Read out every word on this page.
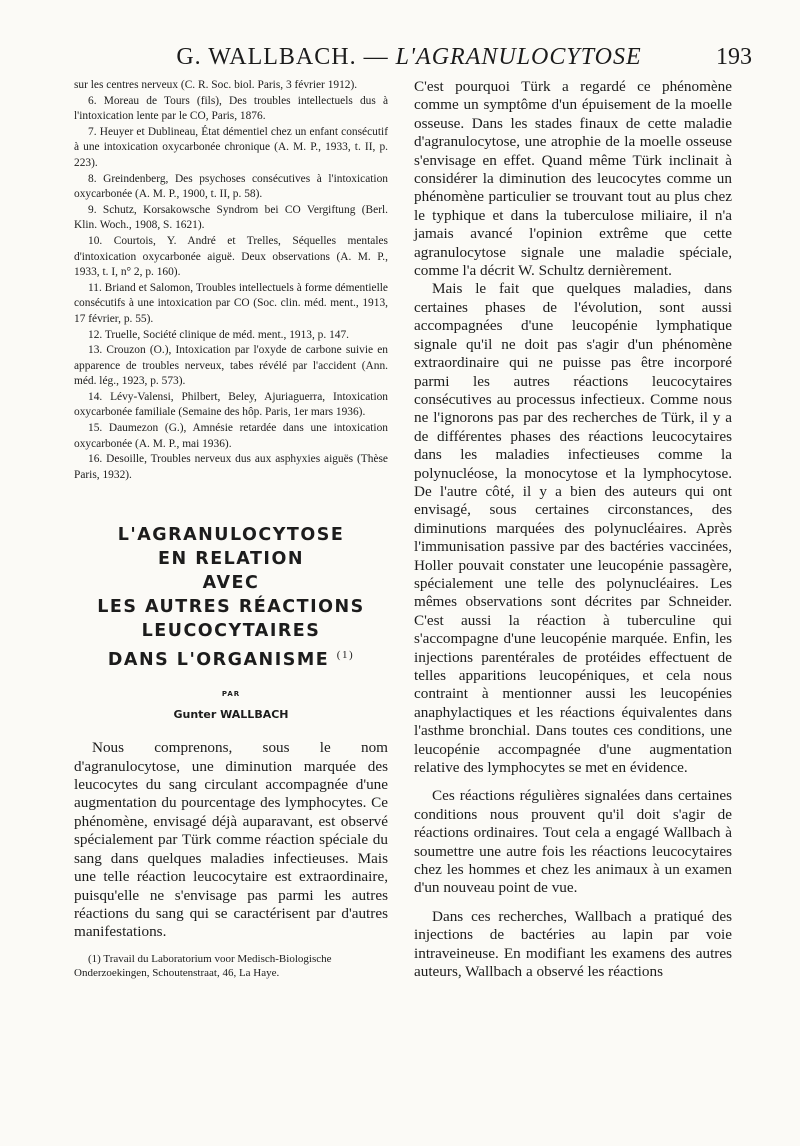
G. WALLBACH. — L'AGRANULOCYTOSE	193

sur les centres nerveux (C. R. Soc. biol. Paris, 3 février 1912).

6. Moreau de Tours (fils), Des troubles intellectuels dus à l'intoxication lente par le CO, Paris, 1876.

7. Heuyer et Dublineau, État démentiel chez un enfant consécutif à une intoxication oxycarbonée chronique (A. M. P., 1933, t. II, p. 223).

8. Greindenberg, Des psychoses consécutives à l'intoxication oxycarbonée (A. M. P., 1900, t. II, p. 58).

9. Schutz, Korsakowsche Syndrom bei CO Vergiftung (Berl. Klin. Woch., 1908, S. 1621).

10. Courtois, Y. André et Trelles, Séquelles mentales d'intoxication oxycarbonée aiguë. Deux observations (A. M. P., 1933, t. I, n° 2, p. 160).

11. Briand et Salomon, Troubles intellectuels à forme démentielle consécutifs à une intoxication par CO (Soc. clin. méd. ment., 1913, 17 février, p. 55).

12. Truelle, Société clinique de méd. ment., 1913, p. 147.

13. Crouzon (O.), Intoxication par l'oxyde de carbone suivie en apparence de troubles nerveux, tabes révélé par l'accident (Ann. méd. lég., 1923, p. 573).

14. Lévy-Valensi, Philbert, Beley, Ajuriaguerra, Intoxication oxycarbonée familiale (Semaine des hôp. Paris, 1er mars 1936).

15. Daumezon (G.), Amnésie retardée dans une intoxication oxycarbonée (A. M. P., mai 1936).

16. Desoille, Troubles nerveux dus aux asphyxies aiguës (Thèse Paris, 1932).

L'AGRANULOCYTOSE
EN RELATION
AVEC
LES AUTRES RÉACTIONS
LEUCOCYTAIRES
DANS L'ORGANISME $^{(1)}$
PAR
Gunter WALLBACH

Nous comprenons, sous le nom d'agranulocytose, une diminution marquée des leucocytes du sang circulant accompagnée d'une augmentation du pourcentage des lymphocytes. Ce phénomène, envisagé déjà auparavant, est observé spécialement par Türk comme réaction spéciale du sang dans quelques maladies infectieuses. Mais une telle réaction leucocytaire est extraordinaire, puisqu'elle ne s'envisage pas parmi les autres réactions du sang qui se caractérisent par d'autres manifestations.

(1) Travail du Laboratorium voor Medisch-Biologische Onderzoekingen, Schoutenstraat, 46, La Haye.

C'est pourquoi Türk a regardé ce phénomène comme un symptôme d'un épuisement de la moelle osseuse. Dans les stades finaux de cette maladie d'agranulocytose, une atrophie de la moelle osseuse s'envisage en effet. Quand même Türk inclinait à considérer la diminution des leucocytes comme un phénomène particulier se trouvant tout au plus chez le typhique et dans la tuberculose miliaire, il n'a jamais avancé l'opinion extrême que cette agranulocytose signale une maladie spéciale, comme l'a décrit W. Schultz dernièrement.

Mais le fait que quelques maladies, dans certaines phases de l'évolution, sont aussi accompagnées d'une leucopénie lymphatique signale qu'il ne doit pas s'agir d'un phénomène extraordinaire qui ne puisse pas être incorporé parmi les autres réactions leucocytaires consécutives au processus infectieux. Comme nous ne l'ignorons pas par des recherches de Türk, il y a de différentes phases des réactions leucocytaires dans les maladies infectieuses comme la polynucléose, la monocytose et la lymphocytose. De l'autre côté, il y a bien des auteurs qui ont envisagé, sous certaines circonstances, des diminutions marquées des polynucléaires. Après l'immunisation passive par des bactéries vaccinées, Holler pouvait constater une leucopénie passagère, spécialement une telle des polynucléaires. Les mêmes observations sont décrites par Schneider. C'est aussi la réaction à tuberculine qui s'accompagne d'une leucopénie marquée. Enfin, les injections parentérales de protéides effectuent de telles apparitions leucopéniques, et cela nous contraint à mentionner aussi les leucopénies anaphylactiques et les réactions équivalentes dans l'asthme bronchial. Dans toutes ces conditions, une leucopénie accompagnée d'une augmentation relative des lymphocytes se met en évidence.

Ces réactions régulières signalées dans certaines conditions nous prouvent qu'il doit s'agir de réactions ordinaires. Tout cela a engagé Wallbach à soumettre une autre fois les réactions leucocytaires chez les hommes et chez les animaux à un examen d'un nouveau point de vue.

Dans ces recherches, Wallbach a pratiqué des injections de bactéries au lapin par voie intraveineuse. En modifiant les examens des autres auteurs, Wallbach a observé les réactions
